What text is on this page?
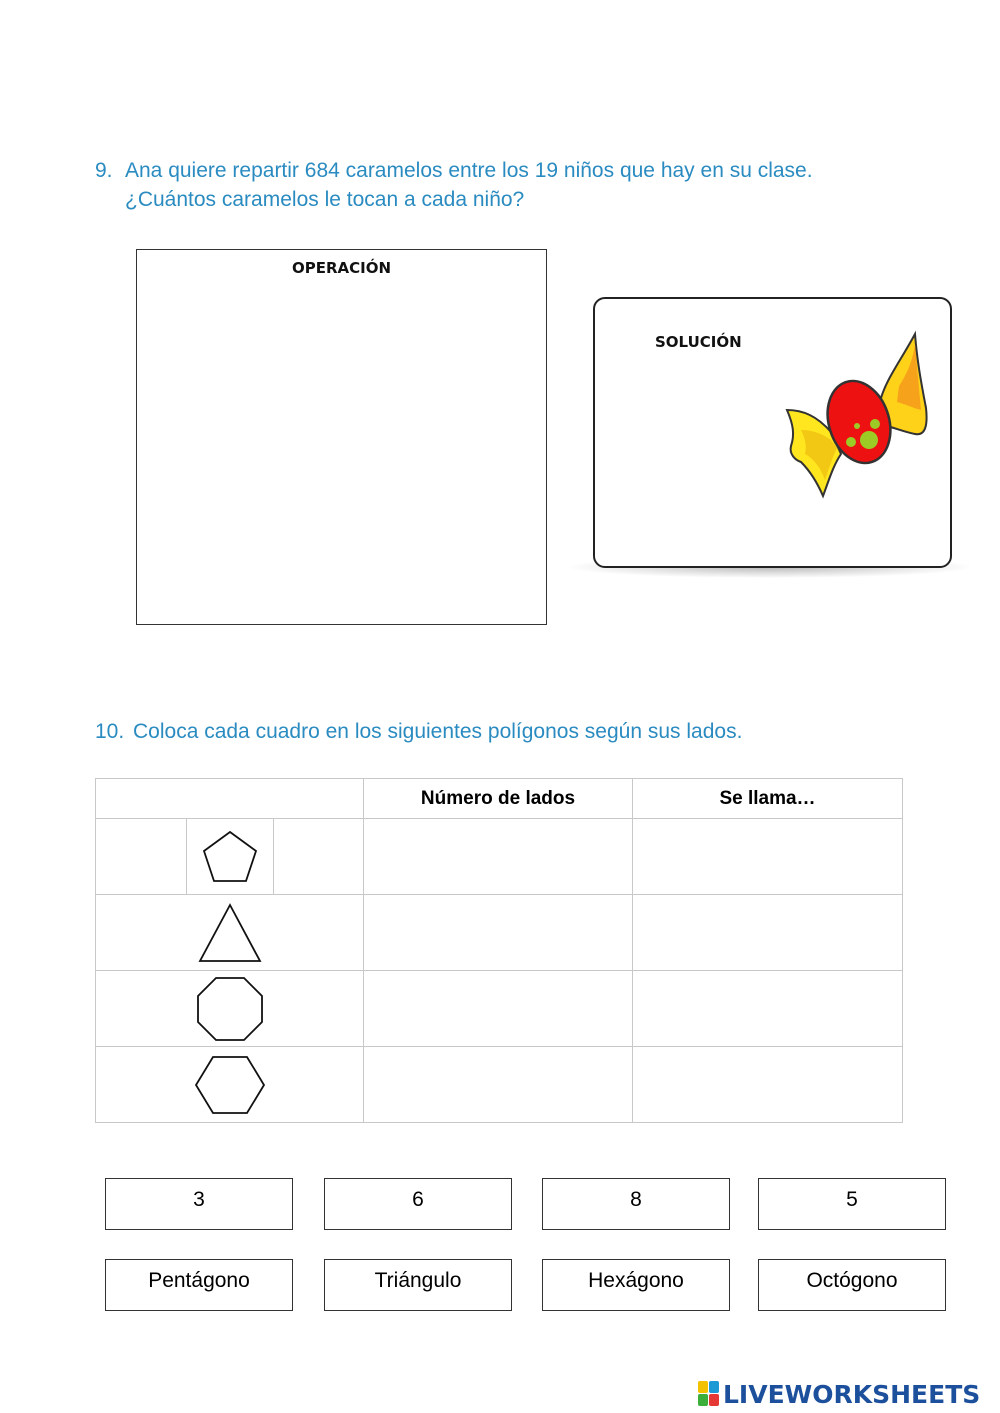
9. Ana quiere repartir 684 caramelos entre los 19 niños que hay en su clase.
¿Cuántos caramelos le tocan a cada niño?
OPERACIÓN
SOLUCIÓN
10. Coloca cada cuadro en los siguientes polígonos según sus lados.
	Número de lados	Se llama…

3	6	8	5
Pentágono	Triángulo	Hexágono	Octógono
LIVEWORKSHEETS
